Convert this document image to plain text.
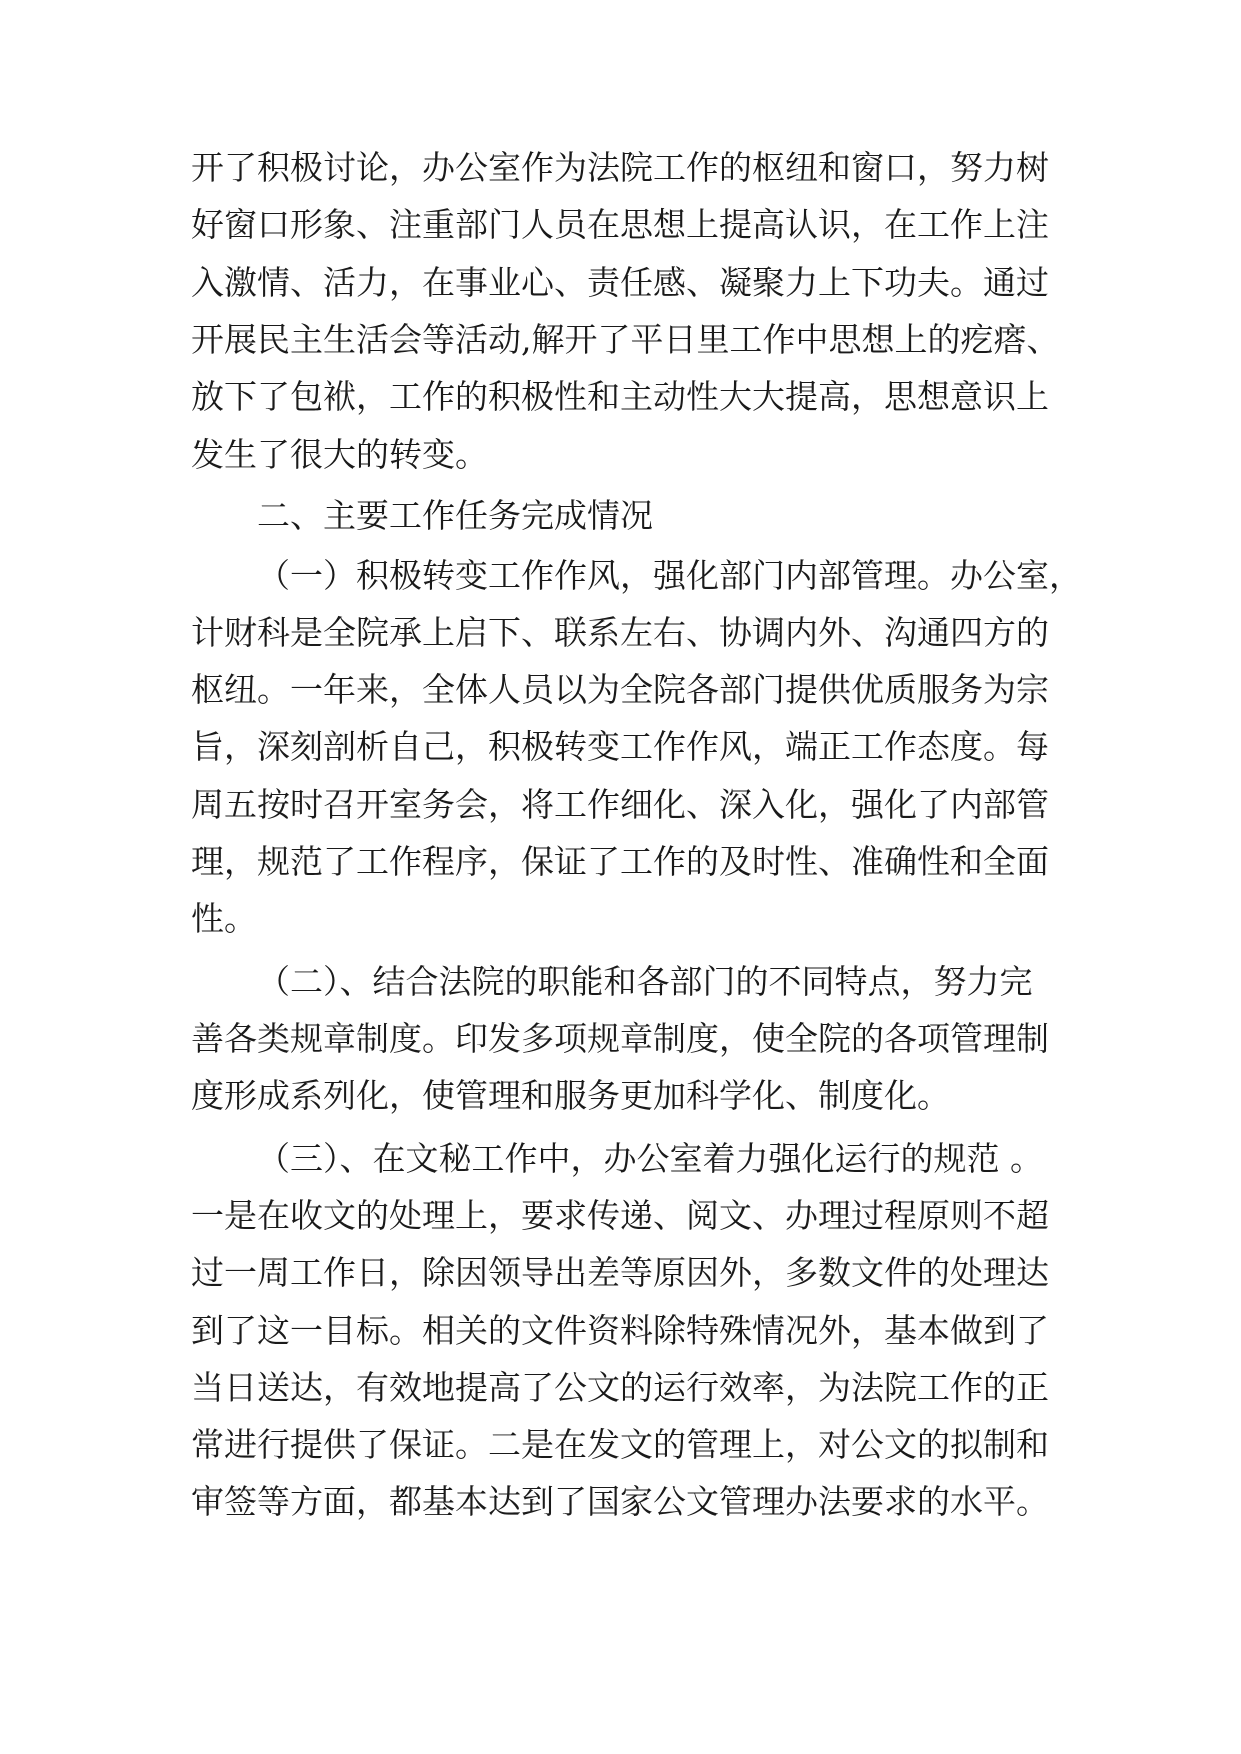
开了积极讨论，办公室作为法院工作的枢纽和窗口，努力树

好窗口形象、注重部门人员在思想上提高认识，在工作上注

入激情、活力，在事业心、责任感、凝聚力上下功夫。通过

开展民主生活会等活动,解开了平日里工作中思想上的疙瘩、

放下了包袱，工作的积极性和主动性大大提高，思想意识上

发生了很大的转变。

二、主要工作任务完成情况

（一）积极转变工作作风，强化部门内部管理。办公室，

计财科是全院承上启下、联系左右、协调内外、沟通四方的

枢纽。一年来，全体人员以为全院各部门提供优质服务为宗

旨，深刻剖析自己，积极转变工作作风，端正工作态度。每

周五按时召开室务会，将工作细化、深入化，强化了内部管

理，规范了工作程序，保证了工作的及时性、准确性和全面

性。

（二）、结合法院的职能和各部门的不同特点，努力完

善各类规章制度。印发多项规章制度，使全院的各项管理制

度形成系列化，使管理和服务更加科学化、制度化。

（三）、在文秘工作中，办公室着力强化运行的规范 。

一是在收文的处理上，要求传递、阅文、办理过程原则不超

过一周工作日，除因领导出差等原因外，多数文件的处理达

到了这一目标。相关的文件资料除特殊情况外，基本做到了

当日送达，有效地提高了公文的运行效率，为法院工作的正

常进行提供了保证。二是在发文的管理上，对公文的拟制和

审签等方面，都基本达到了国家公文管理办法要求的水平。
